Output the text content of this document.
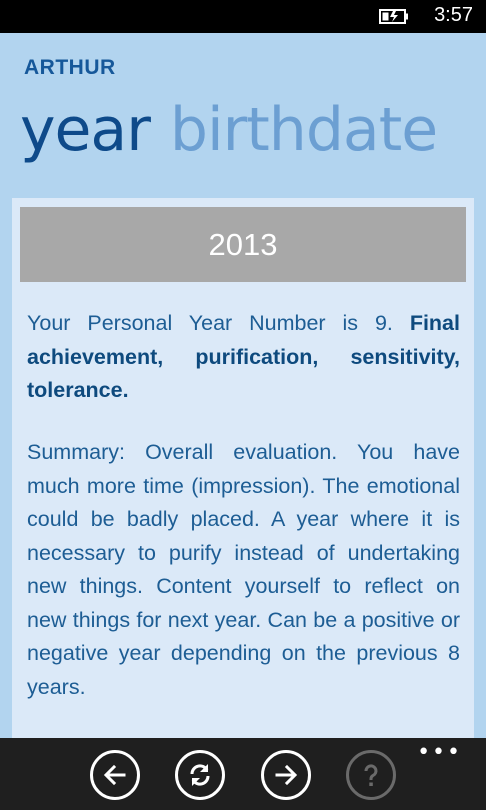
3:57
ARTHUR
year birthdate
2013

Your Personal Year Number is 9. Final achievement, purification, sensitivity, tolerance.

Summary: Overall evaluation. You have much more time (impression). The emotional could be badly placed. A year where it is necessary to purify instead of undertaking new things. Content yourself to reflect on new things for next year. Can be a positive or negative year depending on the previous 8 years.

•••
